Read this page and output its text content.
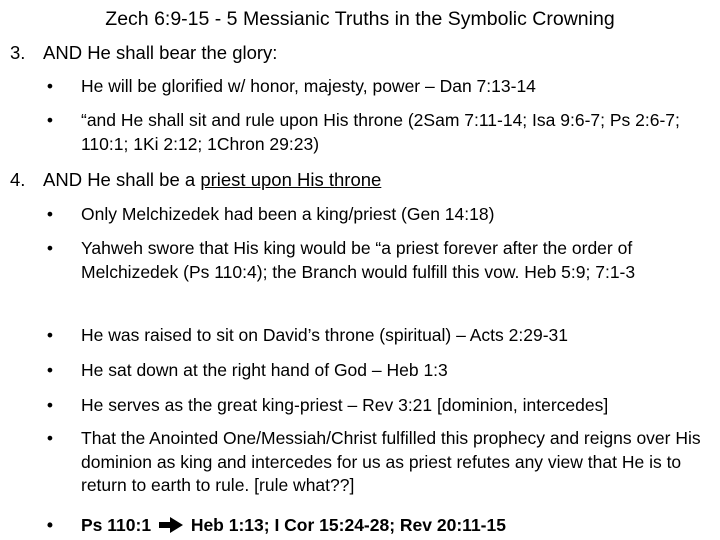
Zech 6:9-15 - 5 Messianic Truths in the Symbolic Crowning
3. AND He shall bear the glory:
• He will be glorified w/ honor, majesty, power – Dan 7:13-14
• “and He shall sit and rule upon His throne (2Sam 7:11-14; Isa 9:6-7; Ps 2:6-7; 110:1; 1Ki 2:12; 1Chron 29:23)
4. AND He shall be a priest upon His throne
• Only Melchizedek had been a king/priest (Gen 14:18)
• Yahweh swore that His king would be “a priest forever after the order of Melchizedek (Ps 110:4); the Branch would fulfill this vow. Heb 5:9; 7:1-3
• He was raised to sit on David’s throne (spiritual) – Acts 2:29-31
• He sat down at the right hand of God – Heb 1:3
• He serves as the great king-priest – Rev 3:21 [dominion, intercedes]
• That the Anointed One/Messiah/Christ fulfilled this prophecy and reigns over His dominion as king and intercedes for us as priest refutes any view that He is to return to earth to rule. [rule what??]
• Ps 110:1 Heb 1:13; I Cor 15:24-28; Rev 20:11-15
